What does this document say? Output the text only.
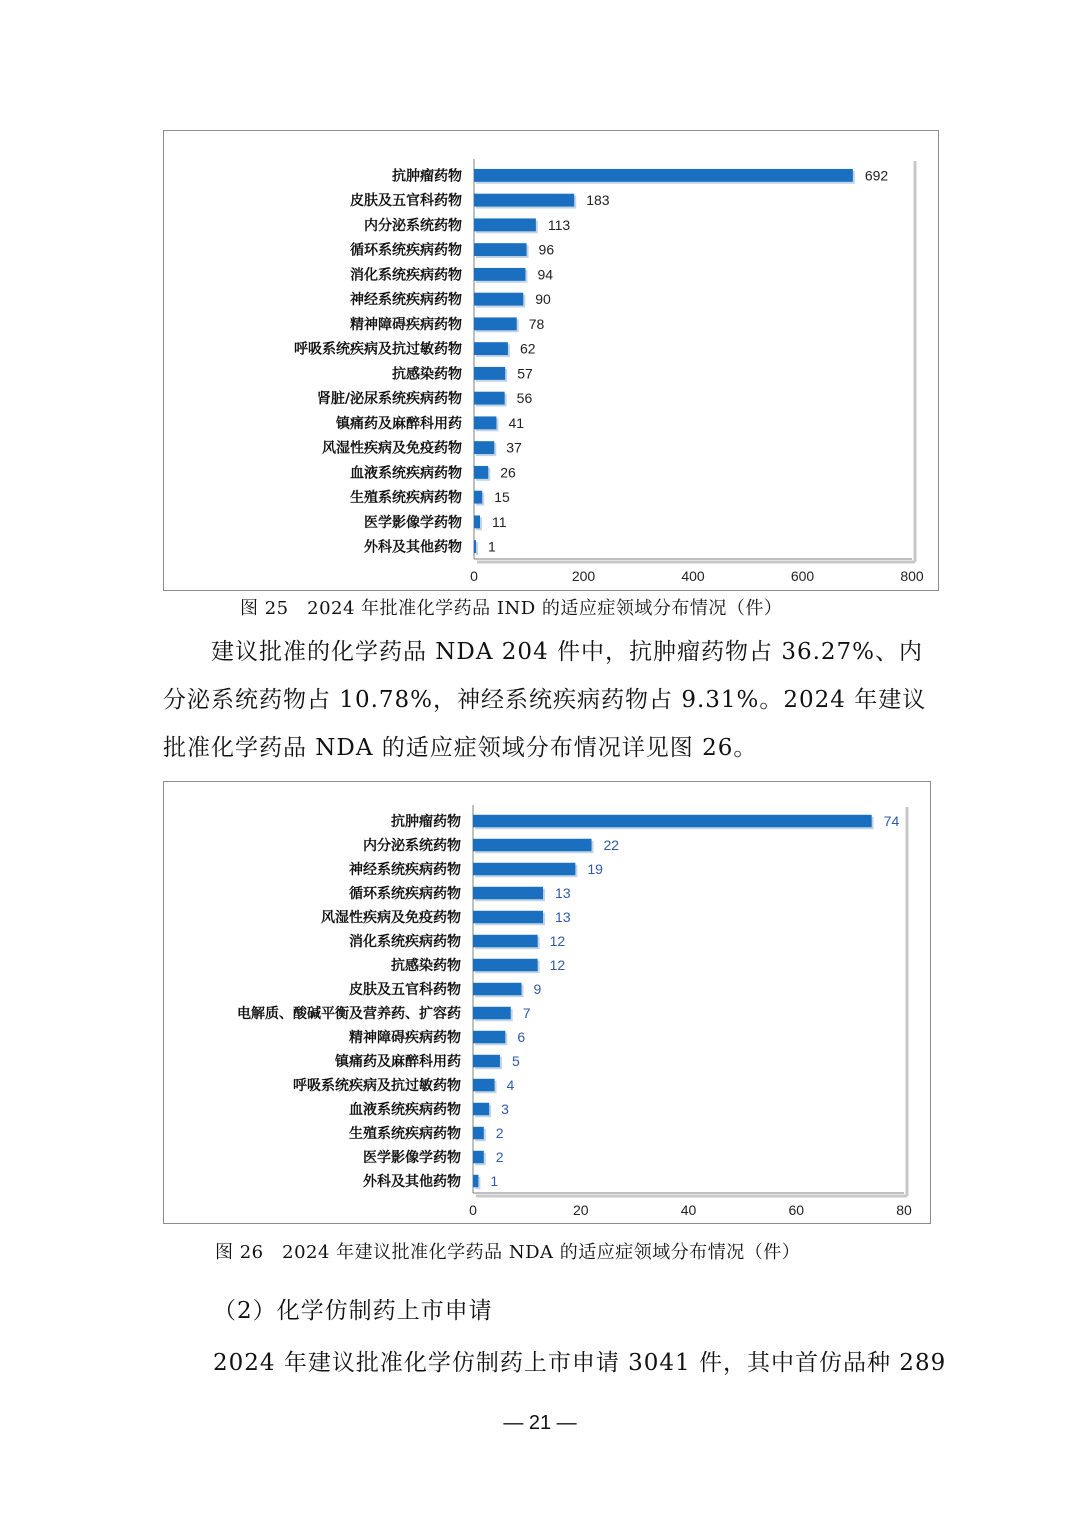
抗肿瘤药物	692
皮肤及五官科药物	183
内分泌系统药物	113
循环系统疾病药物	96
消化系统疾病药物	94
神经系统疾病药物	90
精神障碍疾病药物	78
呼吸系统疾病及抗过敏药物	62
抗感染药物	57
肾脏/泌尿系统疾病药物	56
镇痛药及麻醉科用药	41
风湿性疾病及免疫药物	37
血液系统疾病药物	26
生殖系统疾病药物 15
医学影像学药物 11
外科及其他药物 1
0	200	400	600	800
图 25　2024 年批准化学药品 IND 的适应症领域分布情况（件）
建议批准的化学药品 NDA 204 件中，抗肿瘤药物占 36.27%、内
分泌系统药物占 10.78%，神经系统疾病药物占 9.31%。2024 年建议
批准化学药品 NDA 的适应症领域分布情况详见图 26。
抗肿瘤药物	74
内分泌系统药物	22
神经系统疾病药物	19
循环系统疾病药物	13
风湿性疾病及免疫药物	13
消化系统疾病药物	12
抗感染药物	12
皮肤及五官科药物	9
电解质、酸碱平衡及营养药、扩容药	7
精神障碍疾病药物	6
镇痛药及麻醉科用药	5
呼吸系统疾病及抗过敏药物	4
血液系统疾病药物	3
生殖系统疾病药物 2
医学影像学药物 2
外科及其他药物 1
0	20	40	60	80
图 26　2024 年建议批准化学药品 NDA 的适应症领域分布情况（件）
（2）化学仿制药上市申请
2024 年建议批准化学仿制药上市申请 3041 件，其中首仿品种 289
— 21 —
